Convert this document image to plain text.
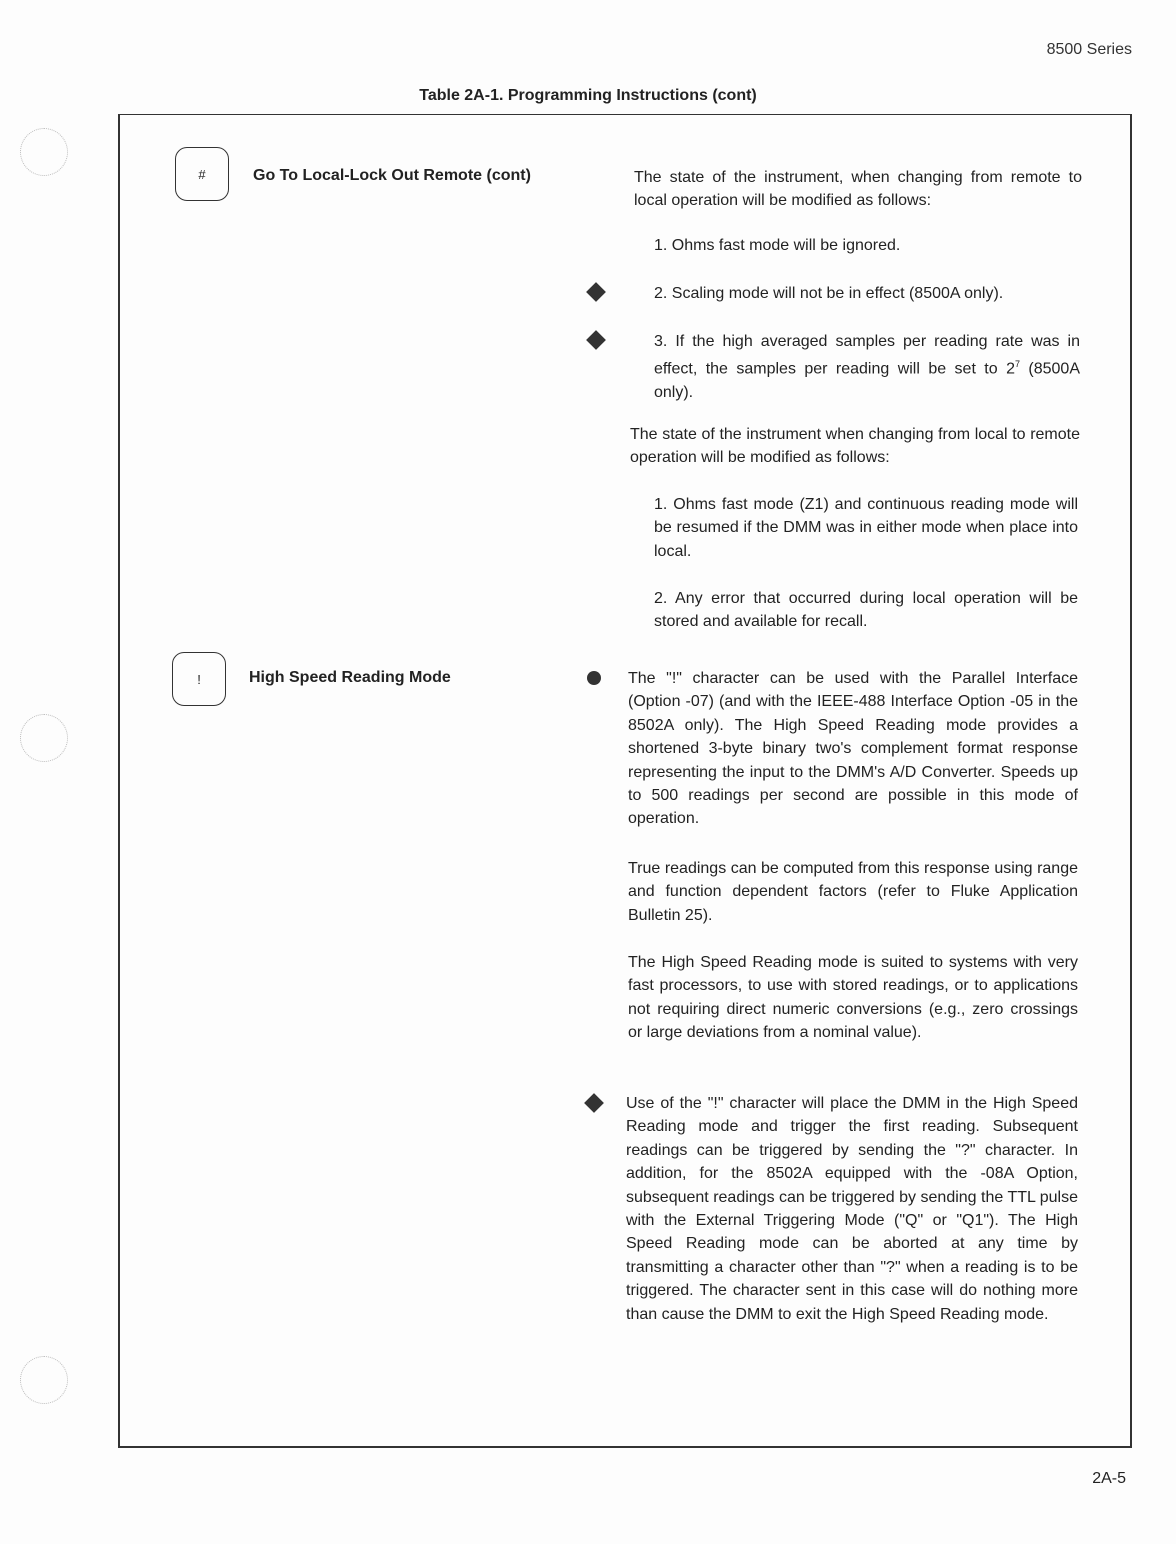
8500 Series
Table 2A-1. Programming Instructions (cont)
#	Go To Local-Lock Out Remote (cont)	The state of the instrument, when changing from remote to local operation will be modified as follows:
1. Ohms fast mode will be ignored.
2. Scaling mode will not be in effect (8500A only).
3. If the high averaged samples per reading rate was in effect, the samples per reading will be set to $2^7$ (8500A only).
The state of the instrument when changing from local to remote operation will be modified as follows:
1. Ohms fast mode (Z1) and continuous reading mode will be resumed if the DMM was in either mode when place into local.
2. Any error that occurred during local operation will be stored and available for recall.
!	High Speed Reading Mode	The "!" character can be used with the Parallel Interface (Option -07) (and with the IEEE-488 Interface Option -05 in the 8502A only). The High Speed Reading mode provides a shortened 3-byte binary two's complement format response representing the input to the DMM's A/D Converter. Speeds up to 500 readings per second are possible in this mode of operation.
True readings can be computed from this response using range and function dependent factors (refer to Fluke Application Bulletin 25).
The High Speed Reading mode is suited to systems with very fast processors, to use with stored readings, or to applications not requiring direct numeric conversions (e.g., zero crossings or large deviations from a nominal value).
Use of the "!" character will place the DMM in the High Speed Reading mode and trigger the first reading. Subsequent readings can be triggered by sending the "?" character. In addition, for the 8502A equipped with the -08A Option, subsequent readings can be triggered by sending the TTL pulse with the External Triggering Mode ("Q" or "Q1"). The High Speed Reading mode can be aborted at any time by transmitting a character other than "?" when a reading is to be triggered. The character sent in this case will do nothing more than cause the DMM to exit the High Speed Reading mode.
2A-5
